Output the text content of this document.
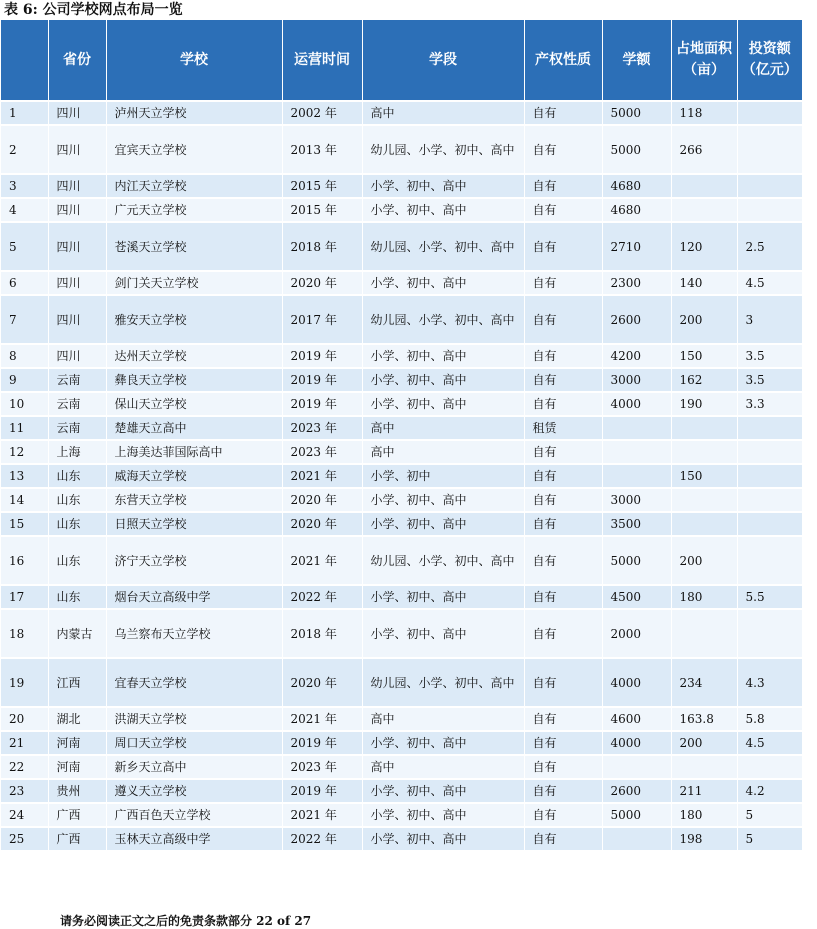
表 6: 公司学校网点布局一览
	省份	学校	运营时间	学段	产权性质	学额	占地面积（亩）	投资额（亿元）
1	四川	泸州天立学校	2002 年	高中	自有	5000	118	
2	四川	宜宾天立学校	2013 年	幼儿园、小学、初中、高中	自有	5000	266	
3	四川	内江天立学校	2015 年	小学、初中、高中	自有	4680		
4	四川	广元天立学校	2015 年	小学、初中、高中	自有	4680		
5	四川	苍溪天立学校	2018 年	幼儿园、小学、初中、高中	自有	2710	120	2.5
6	四川	剑门关天立学校	2020 年	小学、初中、高中	自有	2300	140	4.5
7	四川	雅安天立学校	2017 年	幼儿园、小学、初中、高中	自有	2600	200	3
8	四川	达州天立学校	2019 年	小学、初中、高中	自有	4200	150	3.5
9	云南	彝良天立学校	2019 年	小学、初中、高中	自有	3000	162	3.5
10	云南	保山天立学校	2019 年	小学、初中、高中	自有	4000	190	3.3
11	云南	楚雄天立高中	2023 年	高中	租赁			
12	上海	上海美达菲国际高中	2023 年	高中	自有			
13	山东	威海天立学校	2021 年	小学、初中	自有		150	
14	山东	东营天立学校	2020 年	小学、初中、高中	自有	3000		
15	山东	日照天立学校	2020 年	小学、初中、高中	自有	3500		
16	山东	济宁天立学校	2021 年	幼儿园、小学、初中、高中	自有	5000	200	
17	山东	烟台天立高级中学	2022 年	小学、初中、高中	自有	4500	180	5.5
18	内蒙古	乌兰察布天立学校	2018 年	小学、初中、高中	自有	2000		
19	江西	宜春天立学校	2020 年	幼儿园、小学、初中、高中	自有	4000	234	4.3
20	湖北	洪湖天立学校	2021 年	高中	自有	4600	163.8	5.8
21	河南	周口天立学校	2019 年	小学、初中、高中	自有	4000	200	4.5
22	河南	新乡天立高中	2023 年	高中	自有			
23	贵州	遵义天立学校	2019 年	小学、初中、高中	自有	2600	211	4.2
24	广西	广西百色天立学校	2021 年	小学、初中、高中	自有	5000	180	5
25	广西	玉林天立高级中学	2022 年	小学、初中、高中	自有		198	5
请务必阅读正文之后的免责条款部分 22 of 27
